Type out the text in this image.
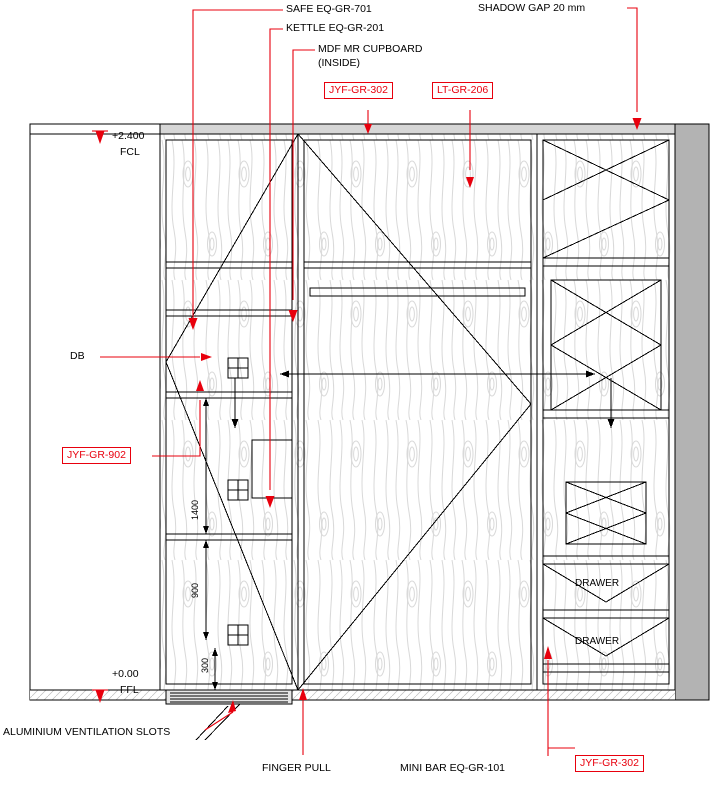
SAFE EQ-GR-701
KETTLE EQ-GR-201
MDF MR CUPBOARD
(INSIDE)
SHADOW GAP 20 mm
JYF-GR-302	LT-GR-206
JYF-GR-902
JYF-GR-302
DB
ALUMINIUM VENTILATION SLOTS
FINGER PULL	MINI BAR EQ-GR-101
+2.400
FCL
+0.00
FFL
1400
900
300
DRAWER
DRAWER
